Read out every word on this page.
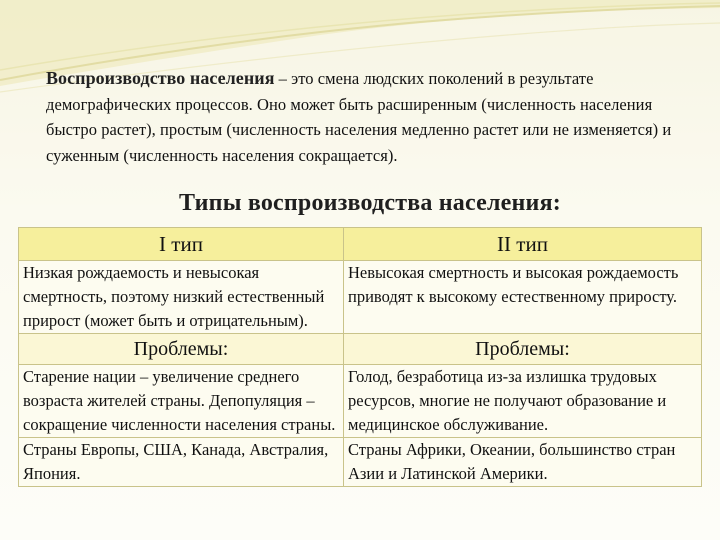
Воспроизводство населения – это смена людских поколений в результате демографических процессов. Оно может быть расширенным (численность населения быстро растет), простым (численность населения медленно растет или не изменяется) и суженным (численность населения сокращается).
Типы воспроизводства населения:
I тип	II тип
Низкая рождаемость и невысокая смертность, поэтому низкий естественный прирост (может быть и отрицательным).	Невысокая смертность и высокая рождаемость приводят к высокому естественному приросту.
Проблемы:	Проблемы:
Старение нации – увеличение среднего возраста жителей страны. Депопуляция – сокращение численности населения страны.	Голод, безработица из-за излишка трудовых ресурсов, многие не получают образование и медицинское обслуживание.
Страны Европы, США, Канада, Австралия, Япония.	Страны Африки, Океании, большинство стран Азии и Латинской Америки.
